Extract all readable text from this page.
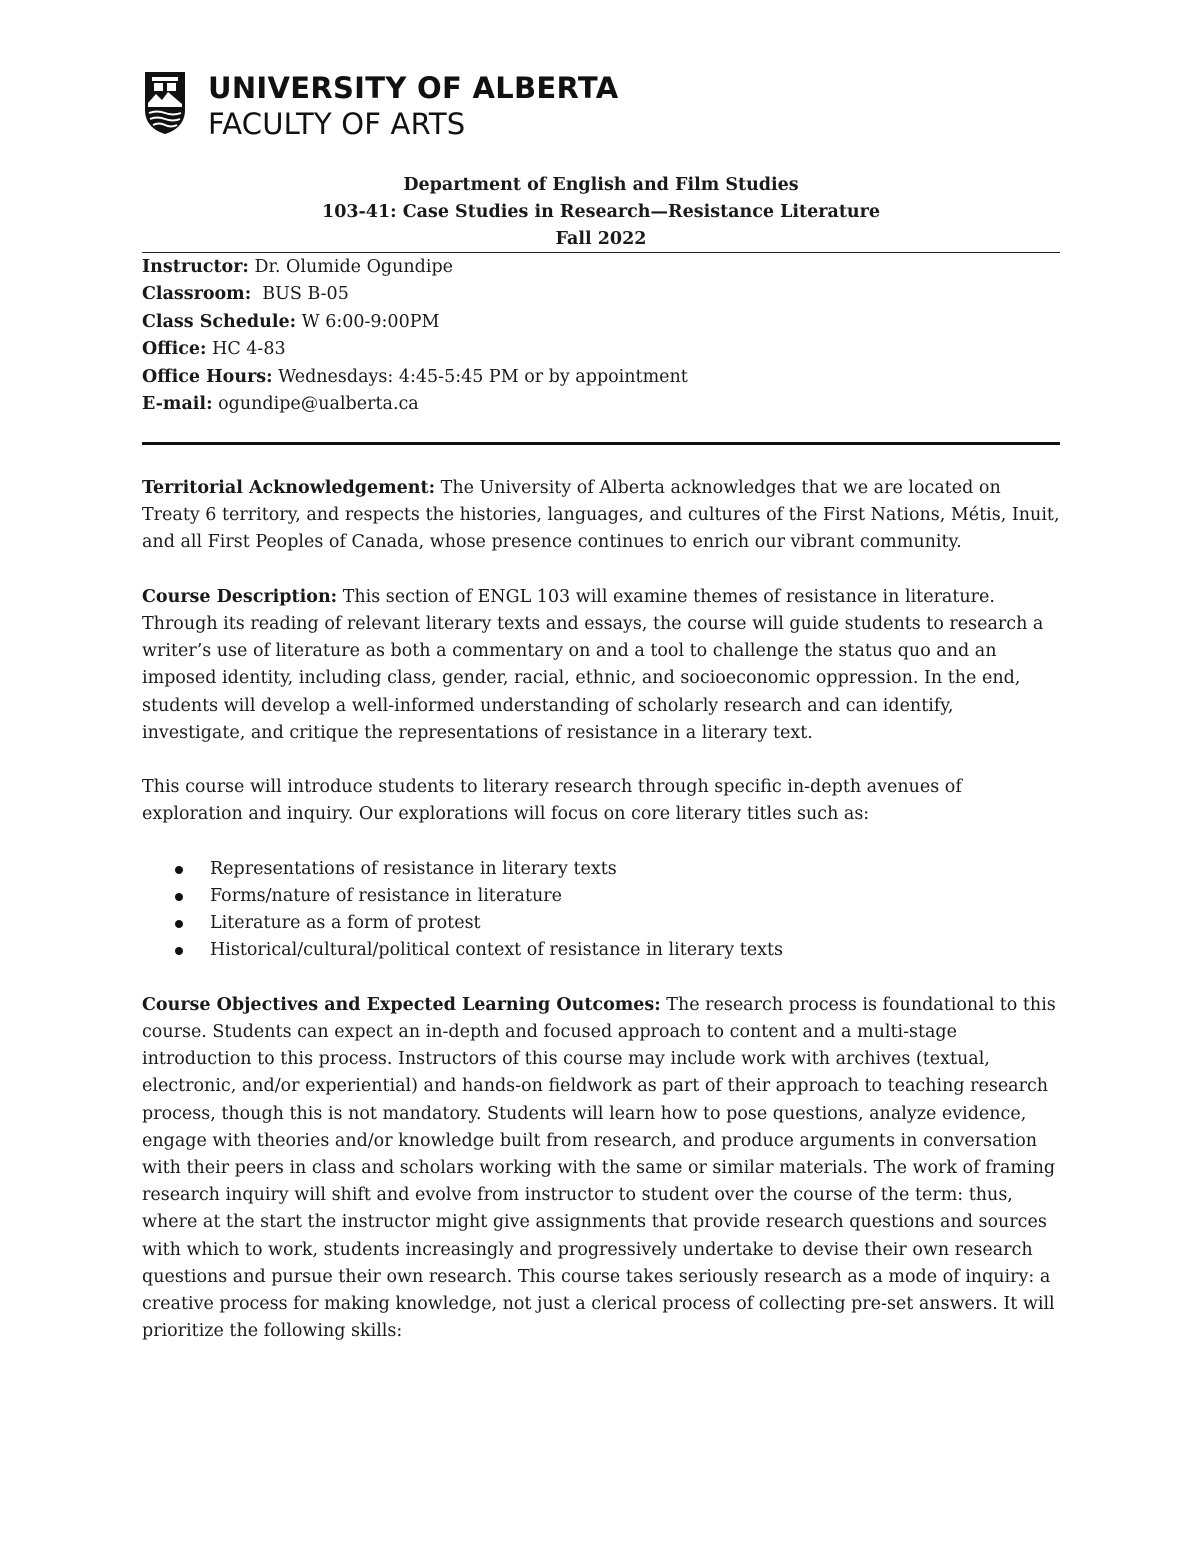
UNIVERSITY OF ALBERTA
FACULTY OF ARTS
Department of English and Film Studies
103-41: Case Studies in Research—Resistance Literature
Fall 2022
Instructor: Dr. Olumide Ogundipe
Classroom:  BUS B-05
Class Schedule: W 6:00-9:00PM
Office: HC 4-83
Office Hours: Wednesdays: 4:45-5:45 PM or by appointment
E-mail: ogundipe@ualberta.ca

Territorial Acknowledgement: The University of Alberta acknowledges that we are located on Treaty 6 territory, and respects the histories, languages, and cultures of the First Nations, Métis, Inuit, and all First Peoples of Canada, whose presence continues to enrich our vibrant community.

Course Description: This section of ENGL 103 will examine themes of resistance in literature. Through its reading of relevant literary texts and essays, the course will guide students to research a writer’s use of literature as both a commentary on and a tool to challenge the status quo and an imposed identity, including class, gender, racial, ethnic, and socioeconomic oppression. In the end, students will develop a well-informed understanding of scholarly research and can identify, investigate, and critique the representations of resistance in a literary text.

This course will introduce students to literary research through specific in-depth avenues of exploration and inquiry. Our explorations will focus on core literary titles such as:

Representations of resistance in literary texts
Forms/nature of resistance in literature
Literature as a form of protest
Historical/cultural/political context of resistance in literary texts

Course Objectives and Expected Learning Outcomes: The research process is foundational to this course. Students can expect an in-depth and focused approach to content and a multi-stage introduction to this process. Instructors of this course may include work with archives (textual, electronic, and/or experiential) and hands-on fieldwork as part of their approach to teaching research process, though this is not mandatory. Students will learn how to pose questions, analyze evidence, engage with theories and/or knowledge built from research, and produce arguments in conversation with their peers in class and scholars working with the same or similar materials. The work of framing research inquiry will shift and evolve from instructor to student over the course of the term: thus, where at the start the instructor might give assignments that provide research questions and sources with which to work, students increasingly and progressively undertake to devise their own research questions and pursue their own research. This course takes seriously research as a mode of inquiry: a creative process for making knowledge, not just a clerical process of collecting pre-set answers. It will prioritize the following skills:
